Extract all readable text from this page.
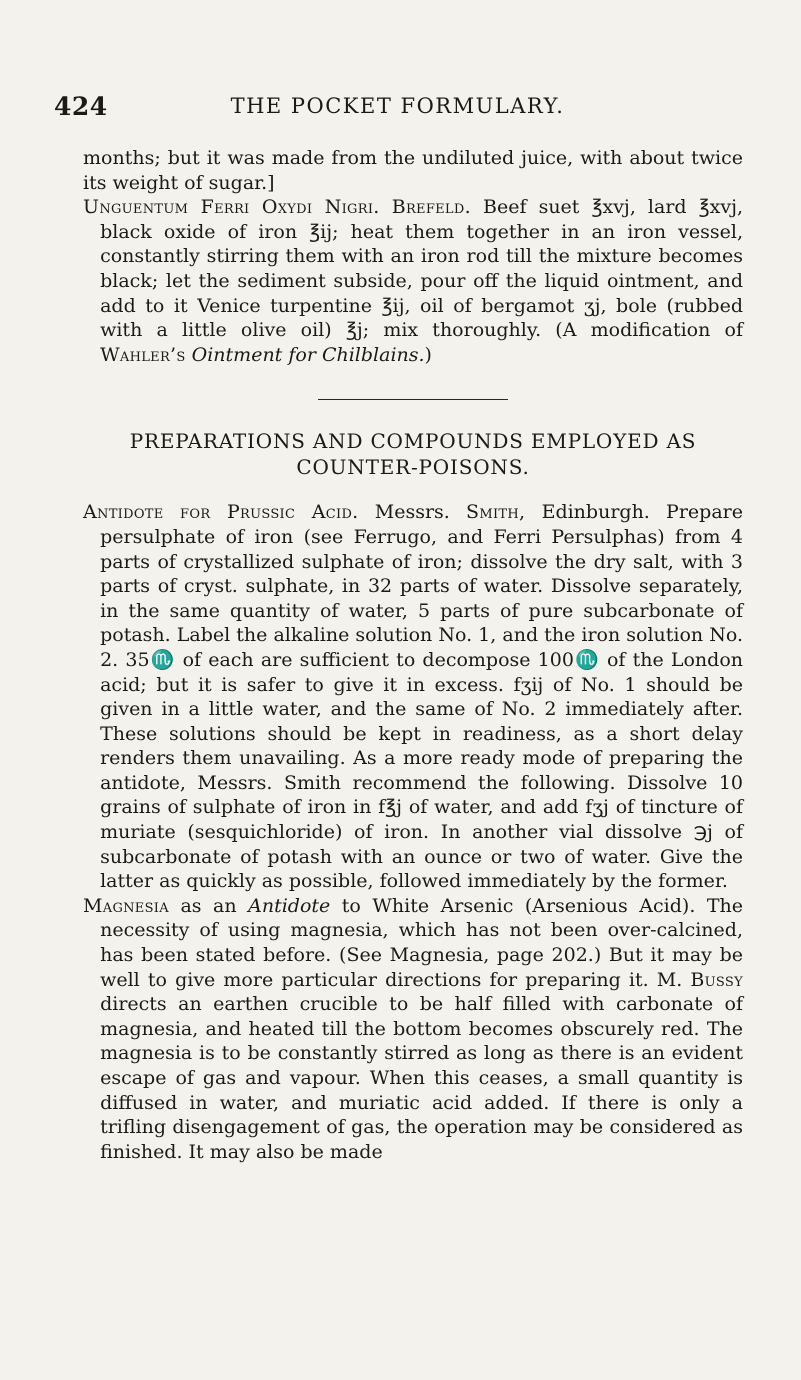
424	THE POCKET FORMULARY.

months; but it was made from the undiluted juice, with about twice its weight of sugar.]

Unguentum Ferri Oxydi Nigri. Brefeld. Beef suet ℥xvj, lard ℥xvj, black oxide of iron ℥ij; heat them together in an iron vessel, constantly stirring them with an iron rod till the mixture becomes black; let the sediment subside, pour off the liquid ointment, and add to it Venice turpentine ℥ij, oil of bergamot ʒj, bole (rubbed with a little olive oil) ℥j; mix thoroughly. (A modification of Wahler’s Ointment for Chilblains.)

PREPARATIONS AND COMPOUNDS EMPLOYED AS
COUNTER-POISONS.

Antidote for Prussic Acid. Messrs. Smith, Edinburgh. Prepare persulphate of iron (see Ferrugo, and Ferri Persulphas) from 4 parts of crystallized sulphate of iron; dissolve the dry salt, with 3 parts of cryst. sulphate, in 32 parts of water. Dissolve separately, in the same quantity of water, 5 parts of pure subcarbonate of potash. Label the alkaline solution No. 1, and the iron solution No. 2. 35♏ of each are sufficient to decompose 100♏ of the London acid; but it is safer to give it in excess. fʒij of No. 1 should be given in a little water, and the same of No. 2 immediately after. These solutions should be kept in readiness, as a short delay renders them unavailing. As a more ready mode of preparing the antidote, Messrs. Smith recommend the following. Dissolve 10 grains of sulphate of iron in f℥j of water, and add fʒj of tincture of muriate (sesquichloride) of iron. In another vial dissolve ℈j of subcarbonate of potash with an ounce or two of water. Give the latter as quickly as possible, followed immediately by the former.

Magnesia as an Antidote to White Arsenic (Arsenious Acid). The necessity of using magnesia, which has not been over-calcined, has been stated before. (See Magnesia, page 202.) But it may be well to give more particular directions for preparing it. M. Bussy directs an earthen crucible to be half filled with carbonate of magnesia, and heated till the bottom becomes obscurely red. The magnesia is to be constantly stirred as long as there is an evident escape of gas and vapour. When this ceases, a small quantity is diffused in water, and muriatic acid added. If there is only a trifling disengagement of gas, the operation may be considered as finished. It may also be made
